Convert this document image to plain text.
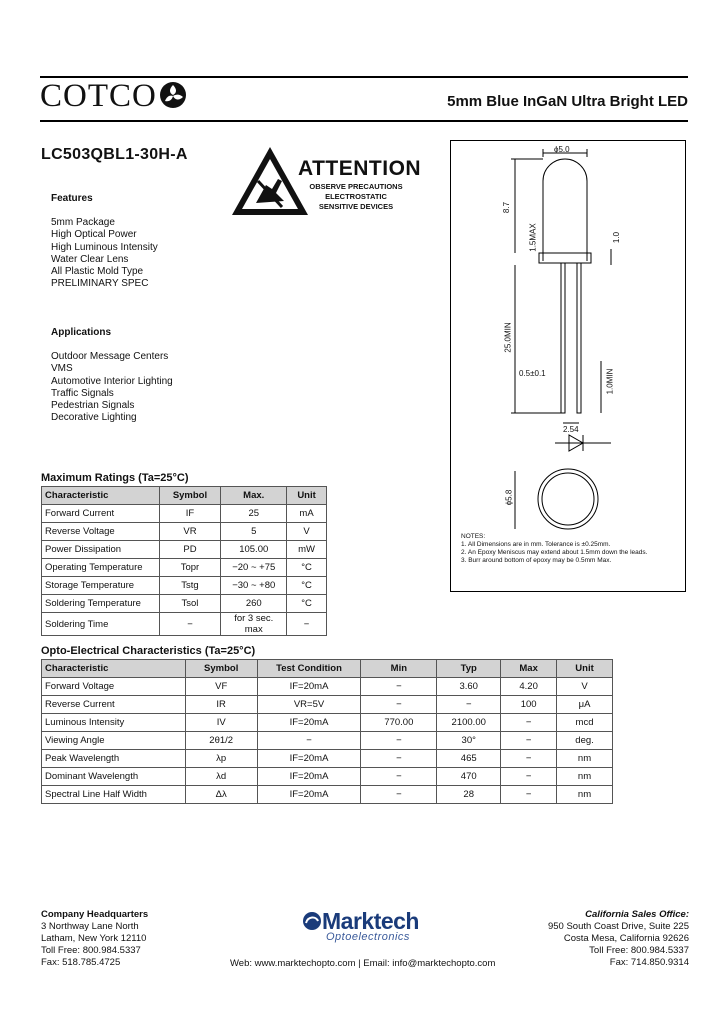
COTCO	5mm Blue InGaN Ultra Bright LED
LC503QBL1-30H-A
ATTENTION
OBSERVE PRECAUTIONS
ELECTROSTATIC
SENSITIVE DEVICES
Features
5mm Package
High Optical Power
High Luminous Intensity
Water Clear Lens
All Plastic Mold Type
PRELIMINARY SPEC
Applications
Outdoor Message Centers
VMS
Automotive Interior Lighting
Traffic Signals
Pedestrian Signals
Decorative Lighting
Maximum Ratings (Ta=25°C)
Characteristic	Symbol	Max.	Unit
Forward Current	IF	25	mA
Reverse Voltage	VR	5	V
Power Dissipation	PD	105.00	mW
Operating Temperature	Topr	−20 ~ +75	°C
Storage Temperature	Tstg	−30 ~ +80	°C
Soldering Temperature	Tsol	260	°C
Soldering Time	−	for 3 sec. max	−
Opto-Electrical Characteristics (Ta=25°C)
Characteristic	Symbol	Test Condition	Min	Typ	Max	Unit
Forward Voltage	VF	IF=20mA	−	3.60	4.20	V
Reverse Current	IR	VR=5V	−	−	100	μA
Luminous Intensity	IV	IF=20mA	770.00	2100.00	−	mcd
Viewing Angle	2θ1/2	−	−	30°	−	deg.
Peak Wavelength	λp	IF=20mA	−	465	−	nm
Dominant Wavelength	λd	IF=20mA	−	470	−	nm
Spectral Line Half Width	Δλ	IF=20mA	−	28	−	nm
ϕ5.0
8.7
1.5MAX	1.0
25.0MIN
0.5±0.1	1.0MIN
2.54
ϕ5.8
NOTES:
1. All Dimensions are in mm. Tolerance is ±0.25mm.
2. An Epoxy Meniscus may extend about 1.5mm down the leads.
3. Burr around bottom of epoxy may be 0.5mm Max.
Company Headquarters
3 Northway Lane North
Latham, New York 12110
Toll Free: 800.984.5337
Fax: 518.785.4725
Marktech
Optoelectronics
Web: www.marktechopto.com | Email: info@marktechopto.com
California Sales Office:
950 South Coast Drive, Suite 225
Costa Mesa, California 92626
Toll Free: 800.984.5337
Fax: 714.850.9314
